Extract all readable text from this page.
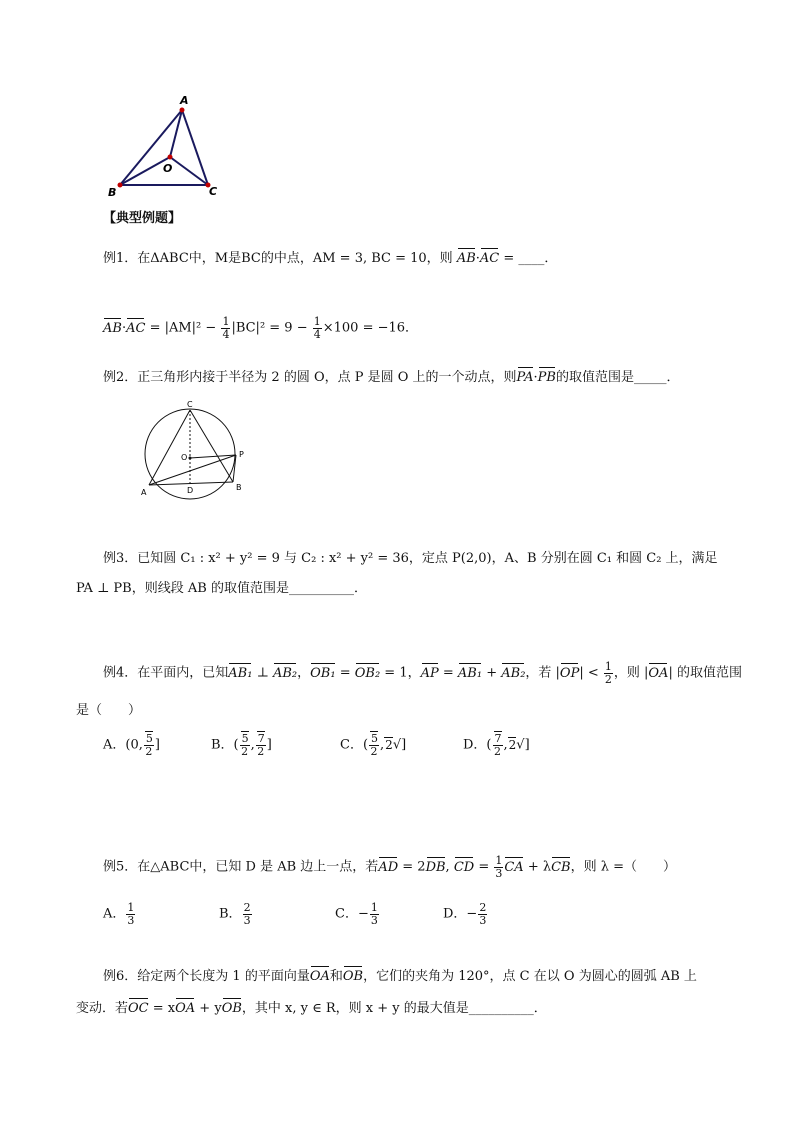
A
B	C
O
【典型例题】
例1．在ΔABC中，M是BC的中点，AM = 3, BC = 10，则 AB·AC = ____．
$AB\cdot AC = |AM|^2 - \frac{1}{4} |BC|^2 = 9 - \frac{1}{4} \times 100 = -16$．
例2．正三角形内接于半径为 2 的圆 O，点 P 是圆 O 上的一个动点，则PA·PB的取值范围是_____．
C
O	P
A	D	B
例3．已知圆 C₁ : x² + y² = 9 与 C₂ : x² + y² = 36，定点 P(2,0)，A、B 分别在圆 C₁ 和圆 C₂ 上，满足
PA ⊥ PB，则线段 AB 的取值范围是__________．
例4．在平面内，已知AB₁ ⊥ AB₂，OB₁ = OB₂ = 1，AP = AB₁ + AB₂，若 $|OP| < \frac{1}{2}$ ，则 |OA| 的取值范围
是（　　）
A．(0, $\frac{5}{2}$ ]	B．( $\frac{5}{2}$ , $\frac{7}{2}$ ]	C．( $\frac{5}{2} ,2√$]	D．( $\frac{7}{2} ,2√$]
例5．在△ABC中，已知 D 是 AB 边上一点，若AD = 2DB, CD = $\frac{1}{3}$ CA + λCB，则 λ =（　　）
A． $\frac{1}{3}$	B． $\frac{2}{3}$	C．− $\frac{1}{3}$	D．− $\frac{2}{3}$
例6．给定两个长度为 1 的平面向量OA和OB，它们的夹角为 120°，点 C 在以 O 为圆心的圆弧 AB 上
变动．若OC = xOA + yOB，其中 x, y ∈ R，则 x + y 的最大值是__________．
